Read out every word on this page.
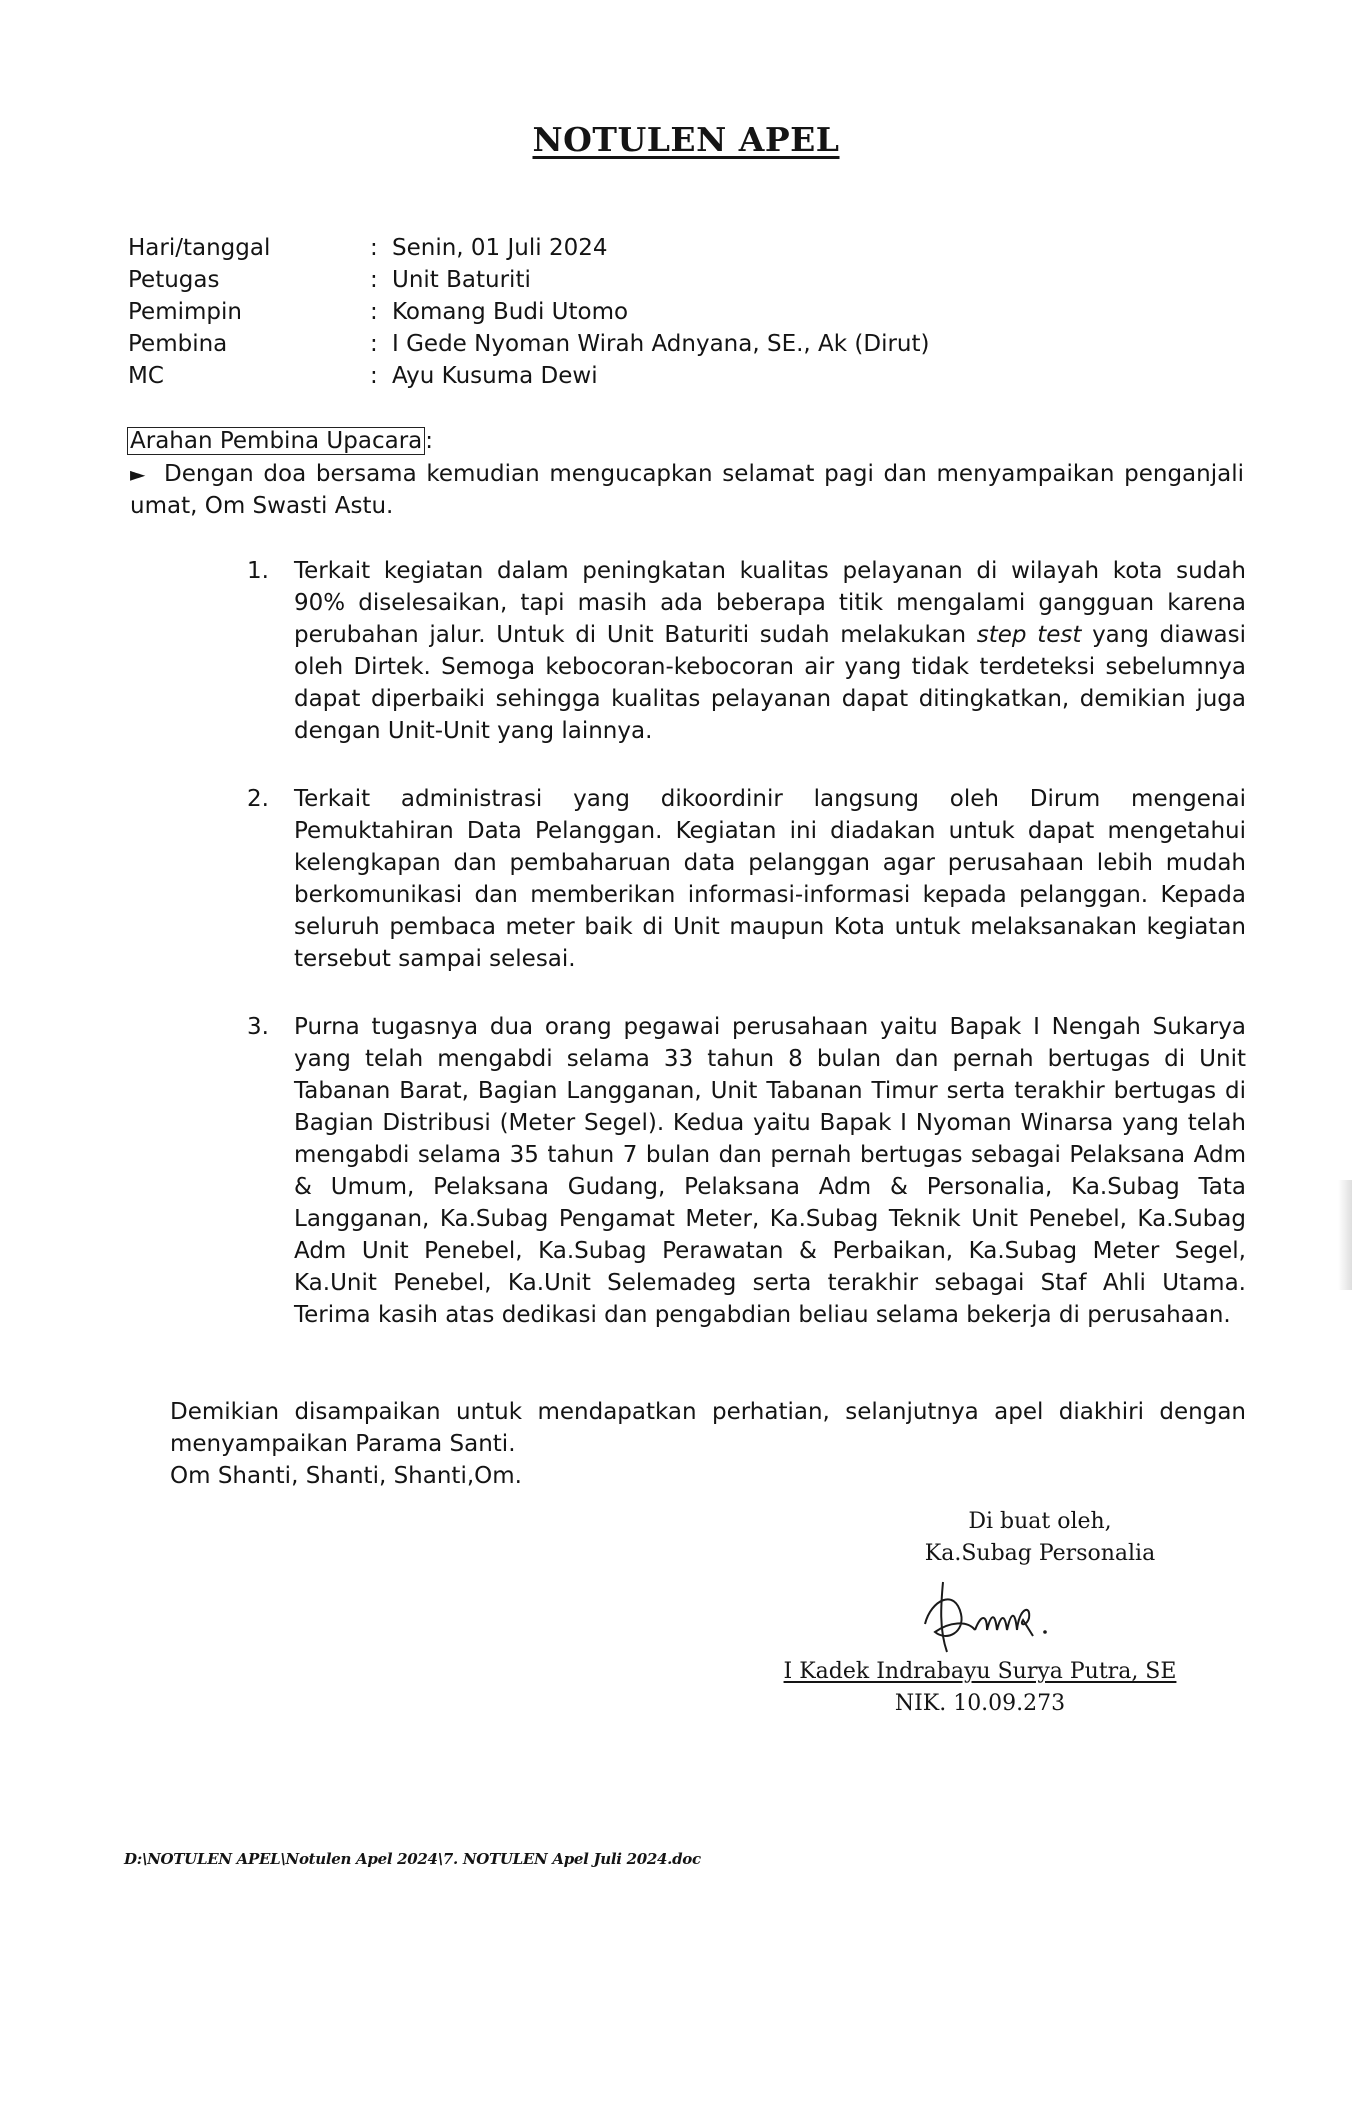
NOTULEN APEL
Hari/tanggal	: Senin, 01 Juli 2024
Petugas	: Unit Baturiti
Pemimpin	: Komang Budi Utomo
Pembina	: I Gede Nyoman Wirah Adnyana, SE., Ak (Dirut)
MC	: Ayu Kusuma Dewi
Arahan Pembina Upacara :
► Dengan doa bersama kemudian mengucapkan selamat pagi dan menyampaikan penganjali umat, Om Swasti Astu.
1. Terkait kegiatan dalam peningkatan kualitas pelayanan di wilayah kota sudah 90% diselesaikan, tapi masih ada beberapa titik mengalami gangguan karena perubahan jalur. Untuk di Unit Baturiti sudah melakukan step test yang diawasi oleh Dirtek. Semoga kebocoran-kebocoran air yang tidak terdeteksi sebelumnya dapat diperbaiki sehingga kualitas pelayanan dapat ditingkatkan, demikian juga dengan Unit-Unit yang lainnya.
2. Terkait administrasi yang dikoordinir langsung oleh Dirum mengenai Pemuktahiran Data Pelanggan. Kegiatan ini diadakan untuk dapat mengetahui kelengkapan dan pembaharuan data pelanggan agar perusahaan lebih mudah berkomunikasi dan memberikan informasi-informasi kepada pelanggan. Kepada seluruh pembaca meter baik di Unit maupun Kota untuk melaksanakan kegiatan tersebut sampai selesai.
3. Purna tugasnya dua orang pegawai perusahaan yaitu Bapak I Nengah Sukarya yang telah mengabdi selama 33 tahun 8 bulan dan pernah bertugas di Unit Tabanan Barat, Bagian Langganan, Unit Tabanan Timur serta terakhir bertugas di Bagian Distribusi (Meter Segel). Kedua yaitu Bapak I Nyoman Winarsa yang telah mengabdi selama 35 tahun 7 bulan dan pernah bertugas sebagai Pelaksana Adm & Umum, Pelaksana Gudang, Pelaksana Adm & Personalia, Ka.Subag Tata Langganan, Ka.Subag Pengamat Meter, Ka.Subag Teknik Unit Penebel, Ka.Subag Adm Unit Penebel, Ka.Subag Perawatan & Perbaikan, Ka.Subag Meter Segel, Ka.Unit Penebel, Ka.Unit Selemadeg serta terakhir sebagai Staf Ahli Utama. Terima kasih atas dedikasi dan pengabdian beliau selama bekerja di perusahaan.

Demikian disampaikan untuk mendapatkan perhatian, selanjutnya apel diakhiri dengan menyampaikan Parama Santi.

Om Shanti, Shanti, Shanti,Om.

Di buat oleh,
Ka.Subag Personalia
I Kadek Indrabayu Surya Putra, SE
NIK. 10.09.273
D:\NOTULEN APEL\Notulen Apel 2024\7. NOTULEN Apel Juli 2024.doc
